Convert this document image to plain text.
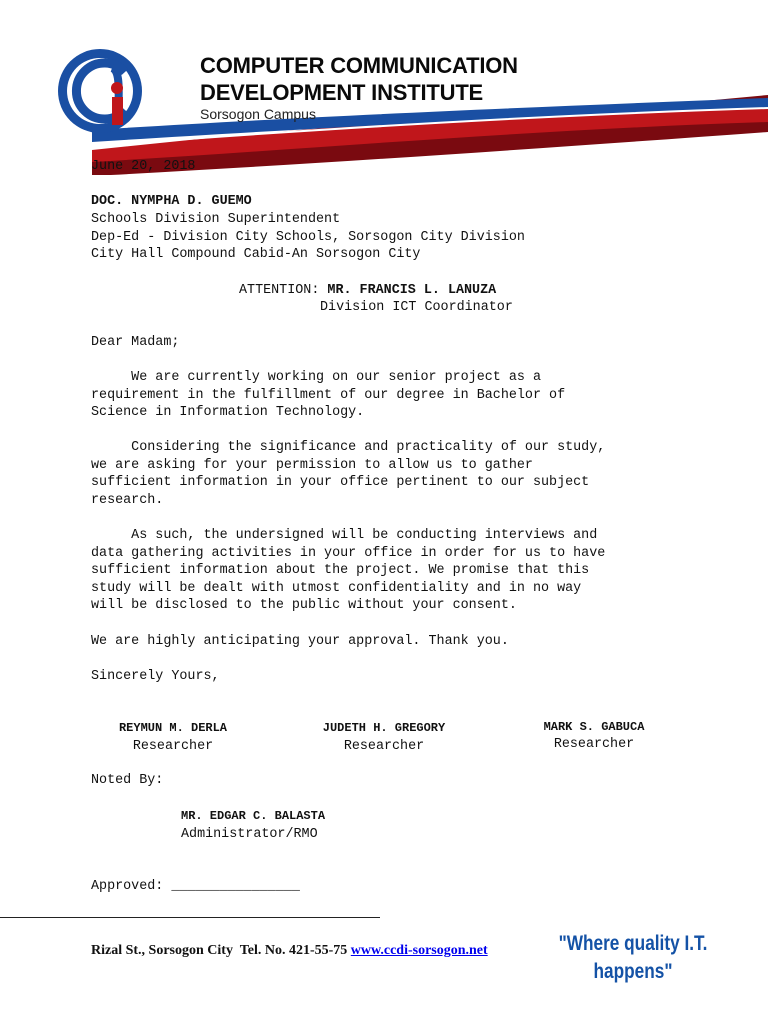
COMPUTER COMMUNICATION
DEVELOPMENT INSTITUTE
Sorsogon Campus
June 20, 2018
DOC. NYMPHA D. GUEMO
Schools Division Superintendent
Dep-Ed - Division City Schools, Sorsogon City Division
City Hall Compound Cabid-An Sorsogon City
ATTENTION: MR. FRANCIS L. LANUZA
Division ICT Coordinator
Dear Madam;
We are currently working on our senior project as a
requirement in the fulfillment of our degree in Bachelor of
Science in Information Technology.
Considering the significance and practicality of our study,
we are asking for your permission to allow us to gather
sufficient information in your office pertinent to our subject
research.
As such, the undersigned will be conducting interviews and
data gathering activities in your office in order for us to have
sufficient information about the project. We promise that this
study will be dealt with utmost confidentiality and in no way
will be disclosed to the public without your consent.
We are highly anticipating your approval. Thank you.
Sincerely Yours,
REYMUN M. DERLA
Researcher
JUDETH H. GREGORY
Researcher
MARK S. GABUCA
Researcher
Noted By:
MR. EDGAR C. BALASTA
Administrator/RMO
Approved: ________________
Rizal St., Sorsogon City  Tel. No. 421-55-75 www.ccdi-sorsogon.net	"Where quality I.T.
happens"
